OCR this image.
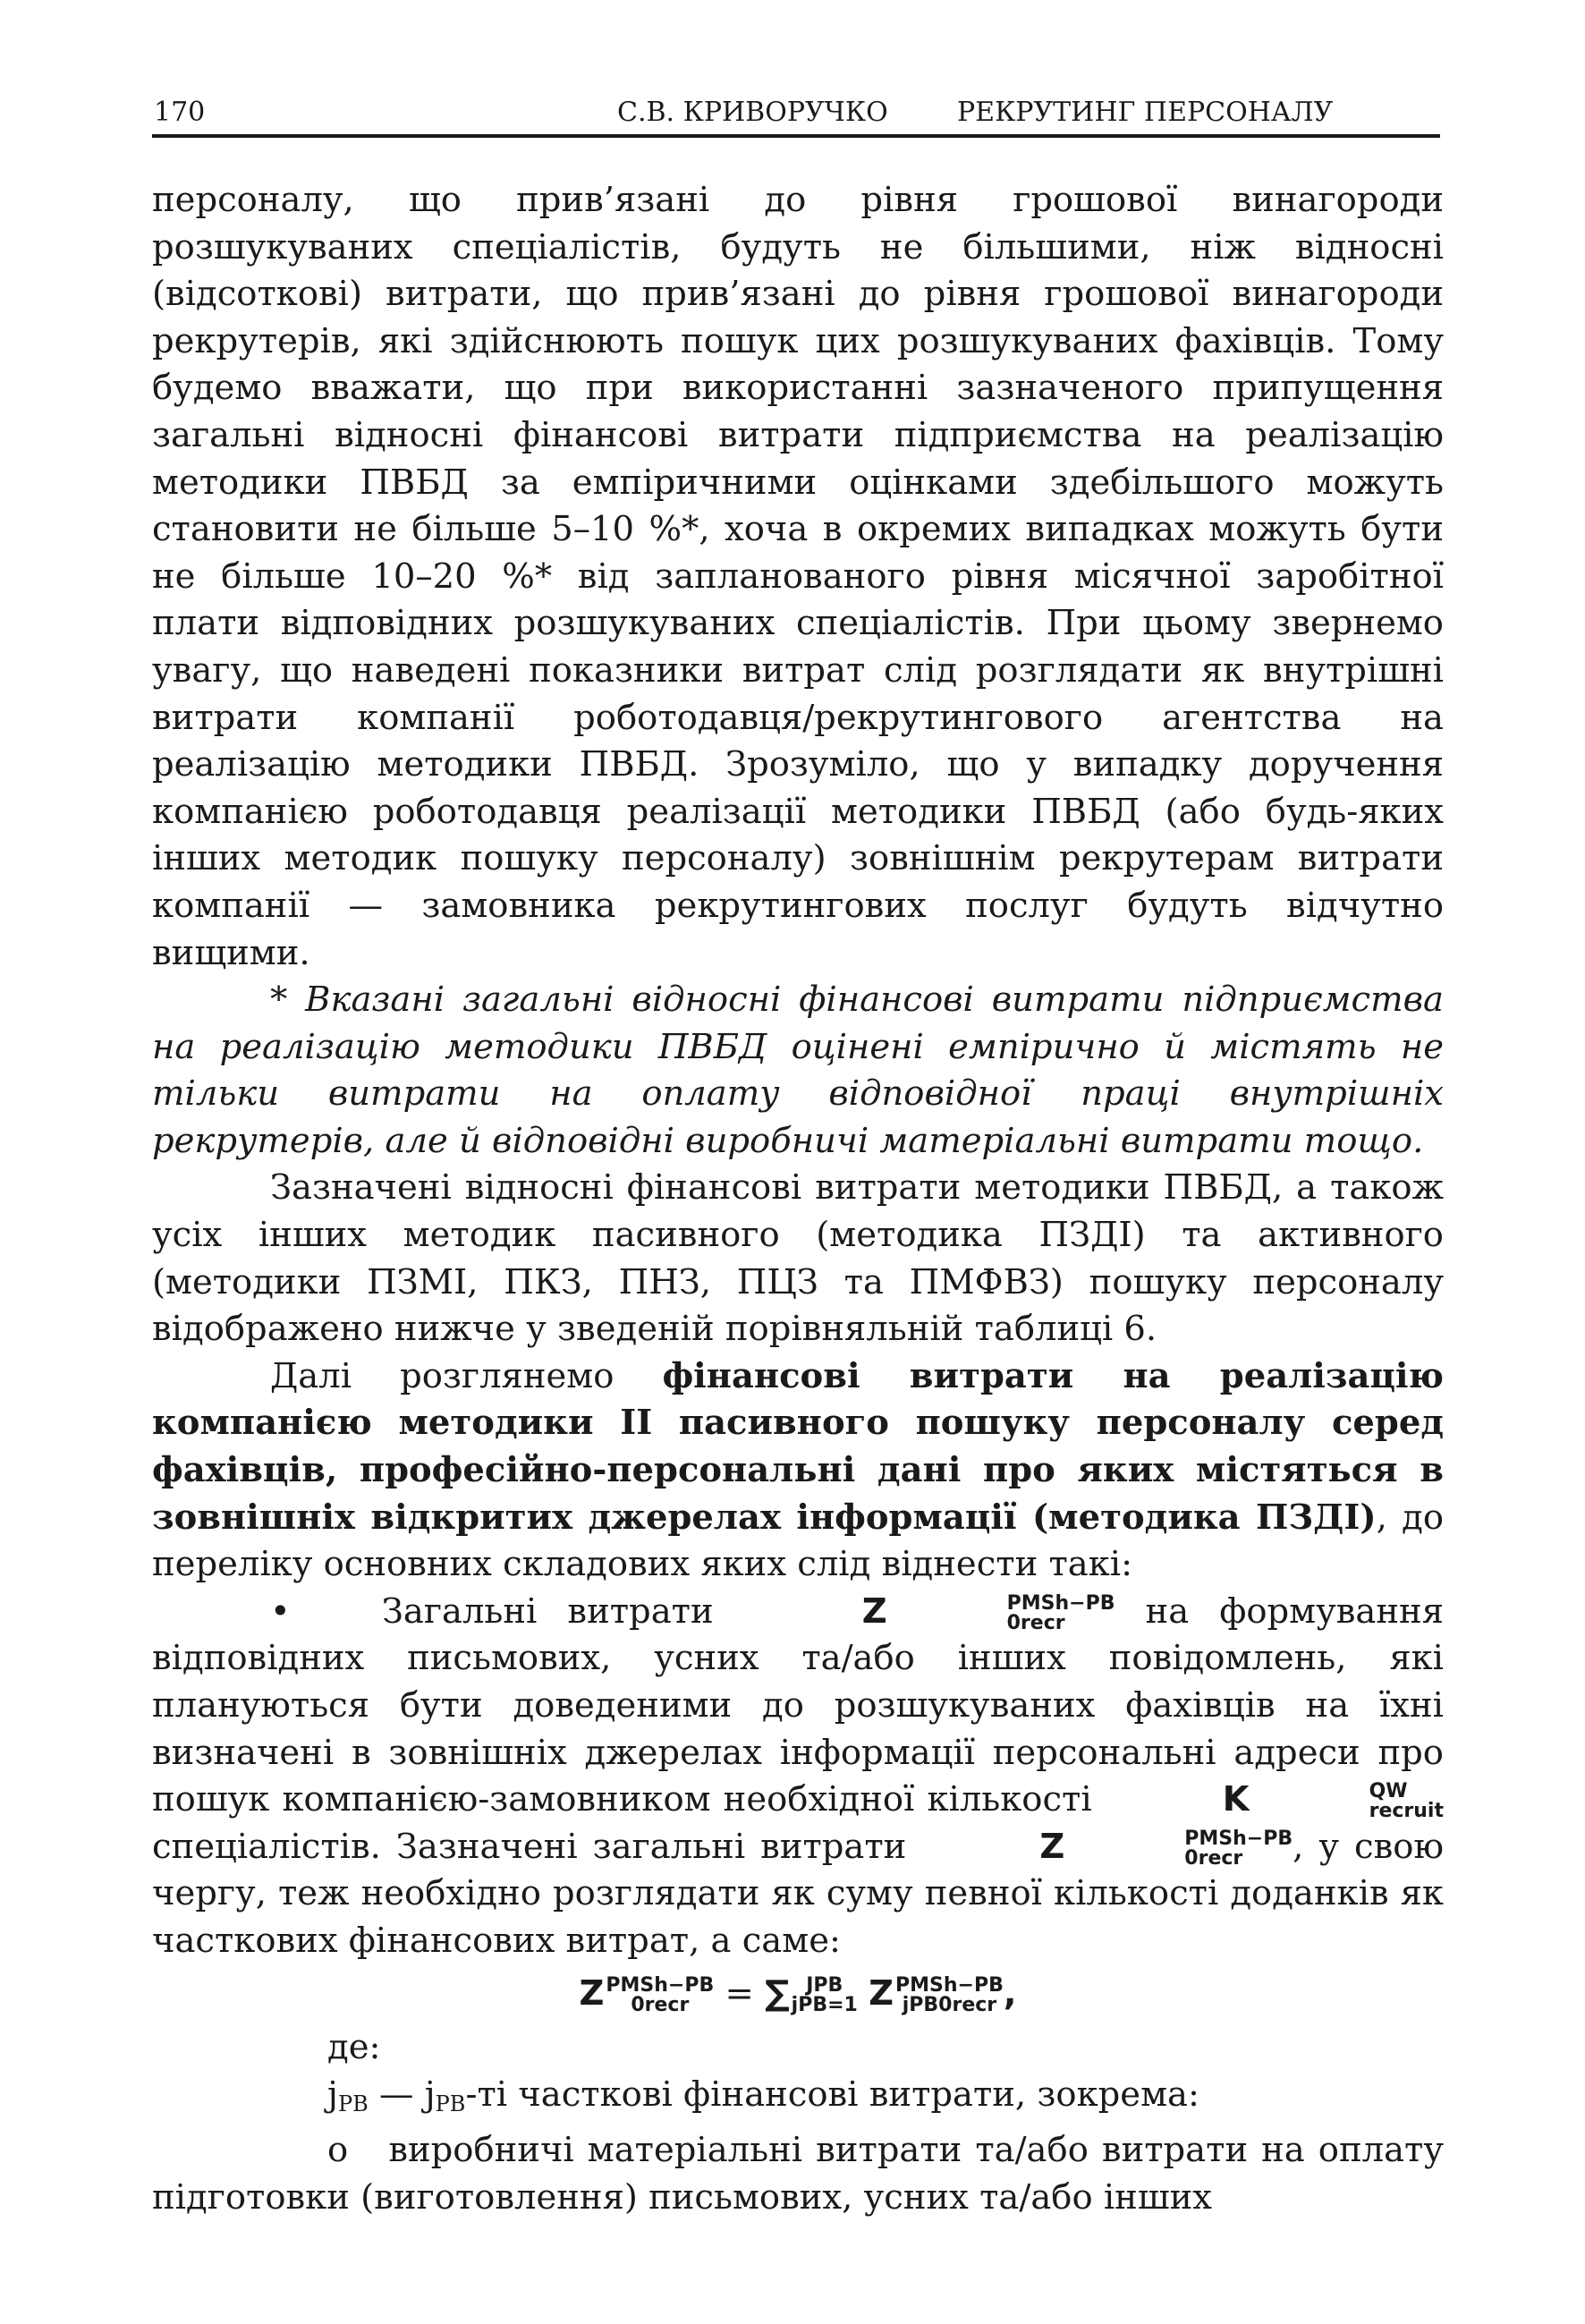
170	С.В. КРИВОРУЧКО	РЕКРУТИНГ ПЕРСОНАЛУ

персоналу, що прив’язані до рівня грошової винагороди розшукуваних спеціалістів, будуть не більшими, ніж відносні (відсоткові) витрати, що прив’язані до рівня грошової винагороди рекрутерів, які здійснюють пошук цих розшукуваних фахівців. Тому будемо вважати, що при використанні зазначеного припущення загальні відносні фінансові витрати підприємства на реалізацію методики ПВБД за емпіричними оцінками здебільшого можуть становити не більше 5–10 %*, хоча в окремих випадках можуть бути не більше 10–20 %* від запланованого рівня місячної заробітної плати відповідних розшукуваних спеціалістів. При цьому звернемо увагу, що наведені показники витрат слід розглядати як внутрішні витрати компанії роботодавця/рекрутингового агентства на реалізацію методики ПВБД. Зрозуміло, що у випадку доручення компанією роботодавця реалізації методики ПВБД (або будь-яких інших методик пошуку персоналу) зовнішнім рекрутерам витрати компанії — замовника рекрутингових послуг будуть відчутно вищими.

* Вказані загальні відносні фінансові витрати підприємства на реалізацію методики ПВБД оцінені емпірично й містять не тільки витрати на оплату відповідної праці внутрішніх рекрутерів, але й відповідні виробничі матеріальні витрати тощо.

Зазначені відносні фінансові витрати методики ПВБД, а також усіх інших методик пасивного (методика ПЗДІ) та активного (методики ПЗМІ, ПКЗ, ПНЗ, ПЦЗ та ПМФВЗ) пошуку персоналу відображено нижче у зведеній порівняльній таблиці 6.

Далі розглянемо фінансові витрати на реалізацію компанією методики ІІ пасивного пошуку персоналу серед фахівців, професійно-персональні дані про яких містяться в зовнішніх відкритих джерелах інформації (методика ПЗДІ), до переліку основних складових яких слід віднести такі:

•	Загальні витрати	Z	PMSh−PB
0recr	на формування відповідних письмових, усних та/або інших повідомлень, які плануються бути доведеними до розшукуваних фахівців на їхні визначені в зовнішніх джерелах інформації персональні адреси про пошук компанією-замовником необхідної кількості	K	QW
recruit
спеціалістів. Зазначені загальні витрати	Z	PMSh−PB
0recr	, у свою чергу, теж необхідно розглядати як суму певної кількості доданків як часткових фінансових витрат, а саме:

Z PMSh−PB
0recr	= ∑ JPB
jPB=1 Z PMSh−PB
jPB0recr ,

де:

$j_{PB}$ — $j_{PB}-ті$ часткові фінансові витрати, зокрема:

o виробничі матеріальні витрати та/або витрати на оплату підготовки (виготовлення) письмових, усних та/або інших
